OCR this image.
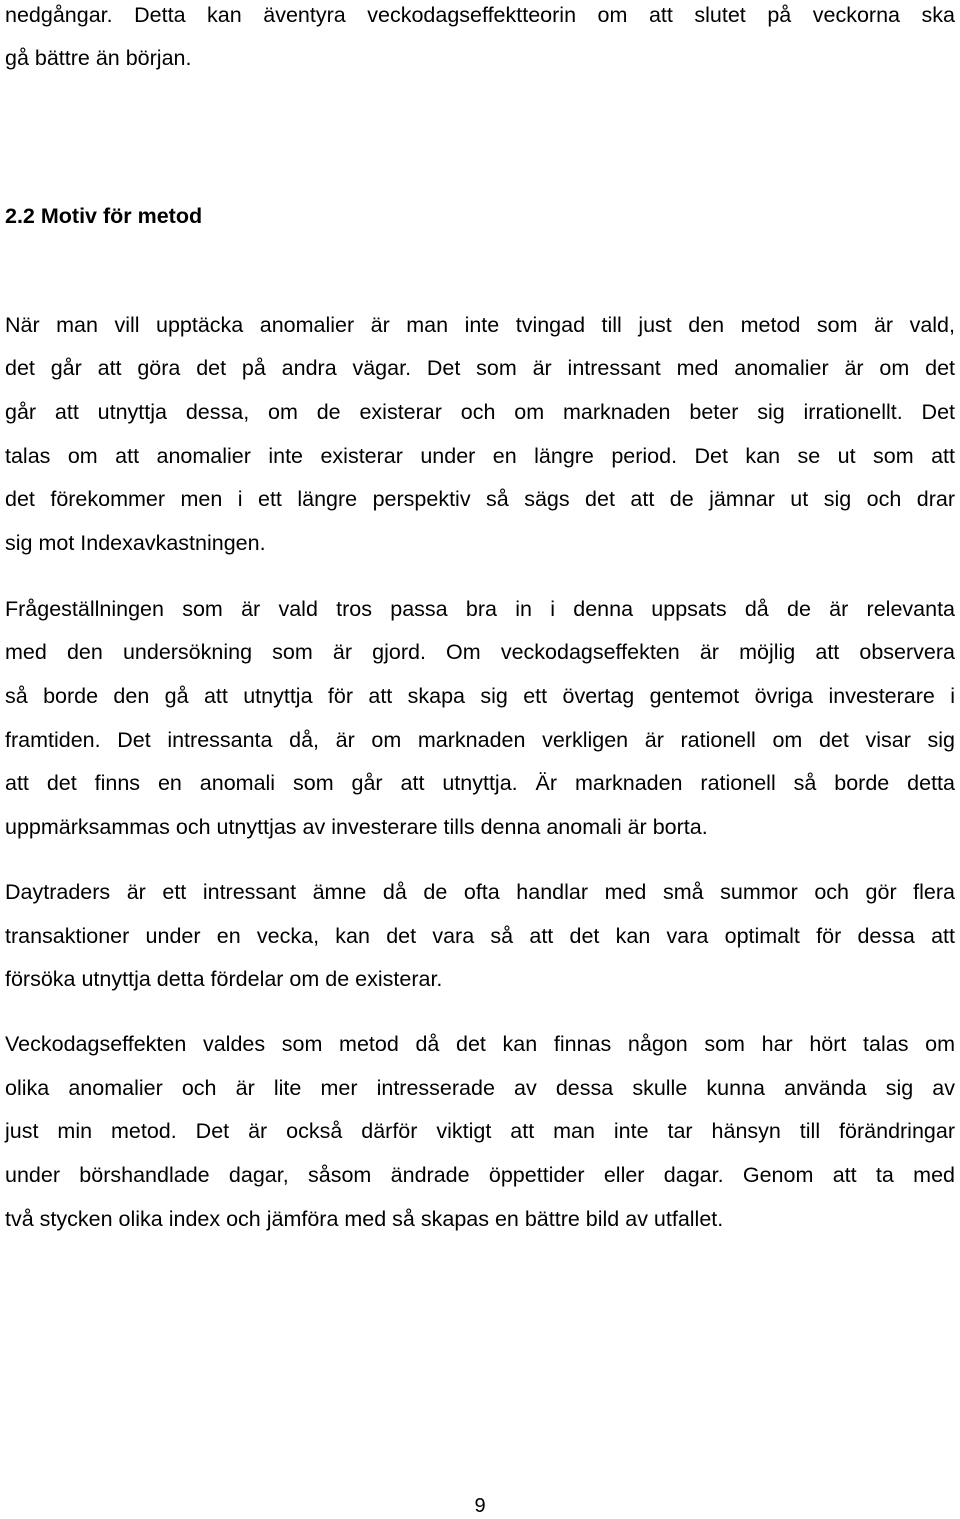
nedgångar. Detta kan äventyra veckodagseffektteorin om att slutet på veckorna ska
gå bättre än början.
2.2 Motiv för metod
När man vill upptäcka anomalier är man inte tvingad till just den metod som är vald,
det går att göra det på andra vägar. Det som är intressant med anomalier är om det
går att utnyttja dessa, om de existerar och om marknaden beter sig irrationellt. Det
talas om att anomalier inte existerar under en längre period. Det kan se ut som att
det förekommer men i ett längre perspektiv så sägs det att de jämnar ut sig och drar
sig mot Indexavkastningen.
Frågeställningen som är vald tros passa bra in i denna uppsats då de är relevanta
med den undersökning som är gjord. Om veckodagseffekten är möjlig att observera
så borde den gå att utnyttja för att skapa sig ett övertag gentemot övriga investerare i
framtiden. Det intressanta då, är om marknaden verkligen är rationell om det visar sig
att det finns en anomali som går att utnyttja. Är marknaden rationell så borde detta
uppmärksammas och utnyttjas av investerare tills denna anomali är borta.
Daytraders är ett intressant ämne då de ofta handlar med små summor och gör flera
transaktioner under en vecka, kan det vara så att det kan vara optimalt för dessa att
försöka utnyttja detta fördelar om de existerar.
Veckodagseffekten valdes som metod då det kan finnas någon som har hört talas om
olika anomalier och är lite mer intresserade av dessa skulle kunna använda sig av
just min metod. Det är också därför viktigt att man inte tar hänsyn till förändringar
under börshandlade dagar, såsom ändrade öppettider eller dagar. Genom att ta med
två stycken olika index och jämföra med så skapas en bättre bild av utfallet.
9
